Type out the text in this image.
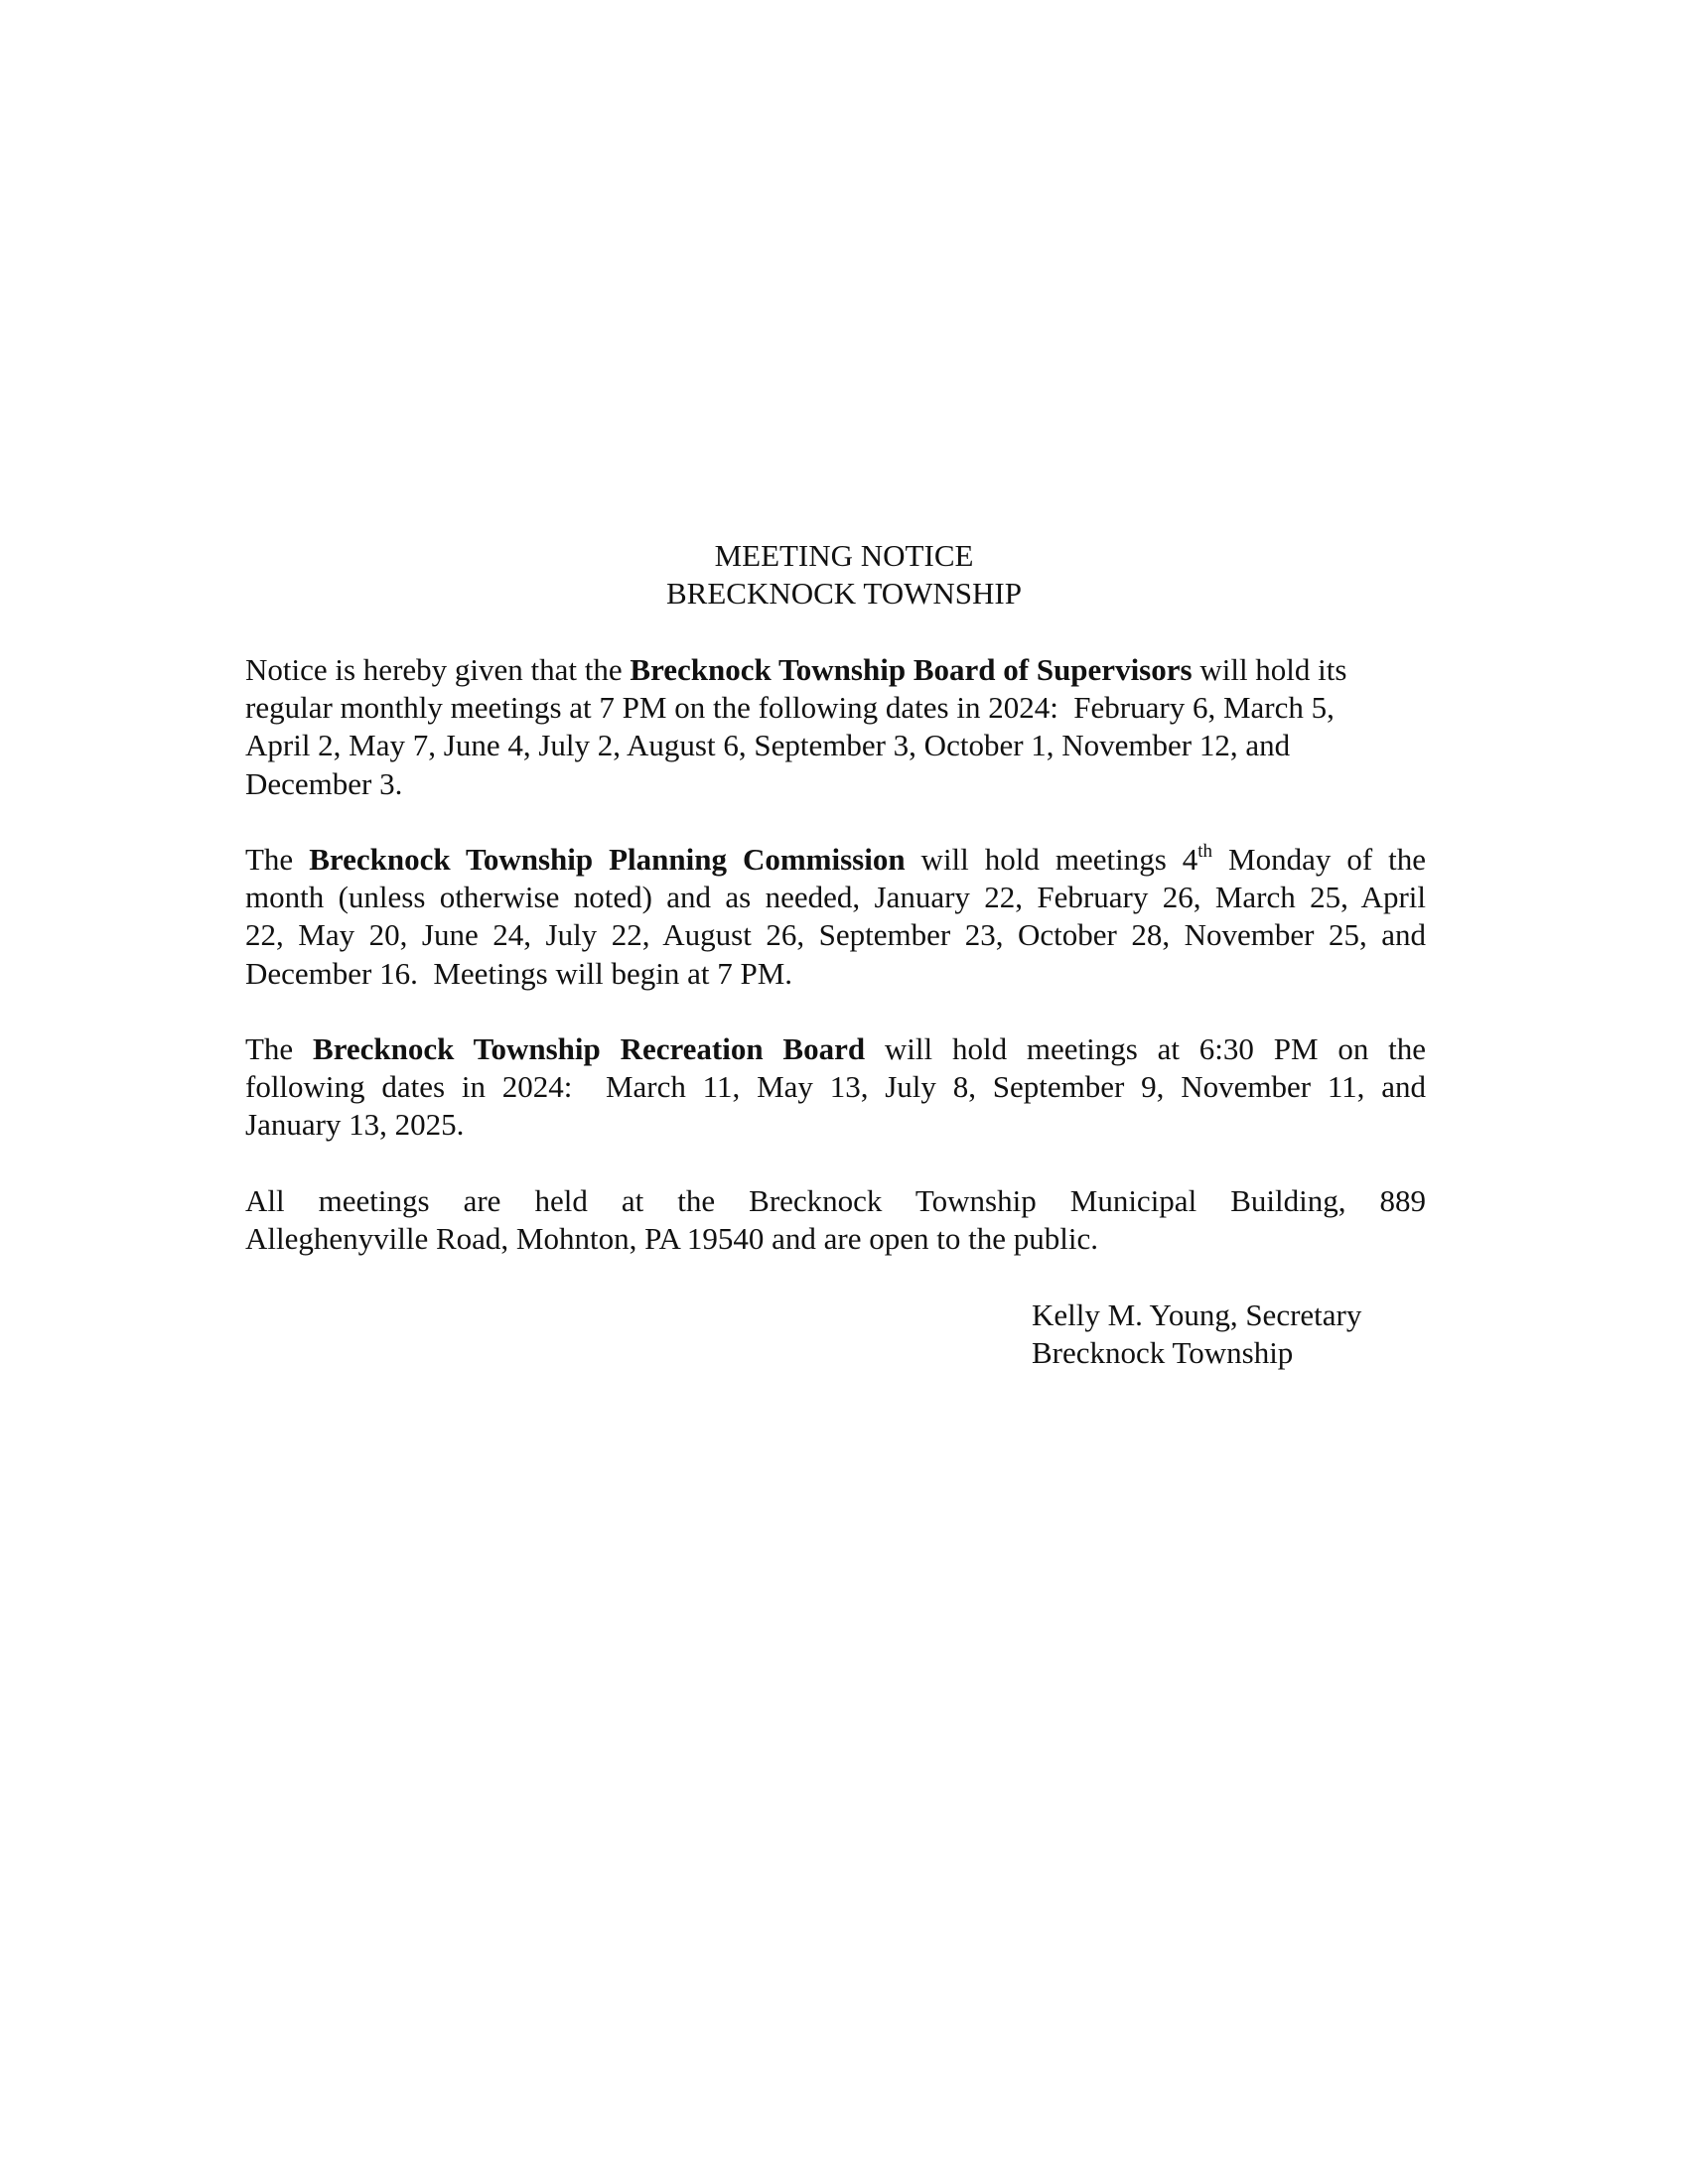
MEETING NOTICE
BRECKNOCK TOWNSHIP
Notice is hereby given that the Brecknock Township Board of Supervisors will hold its
regular monthly meetings at 7 PM on the following dates in 2024:  February 6, March 5,
April 2, May 7, June 4, July 2, August 6, September 3, October 1, November 12, and
December 3.
The Brecknock Township Planning Commission will hold meetings 4th Monday of the
month (unless otherwise noted) and as needed, January 22, February 26, March 25, April
22, May 20, June 24, July 22, August 26, September 23, October 28, November 25, and
December 16.  Meetings will begin at 7 PM.
The Brecknock Township Recreation Board will hold meetings at 6:30 PM on the
following dates in 2024:  March 11, May 13, July 8, September 9, November 11, and
January 13, 2025.
All meetings are held at the Brecknock Township Municipal Building, 889
Alleghenyville Road, Mohnton, PA 19540 and are open to the public.
Kelly M. Young, Secretary
Brecknock Township
